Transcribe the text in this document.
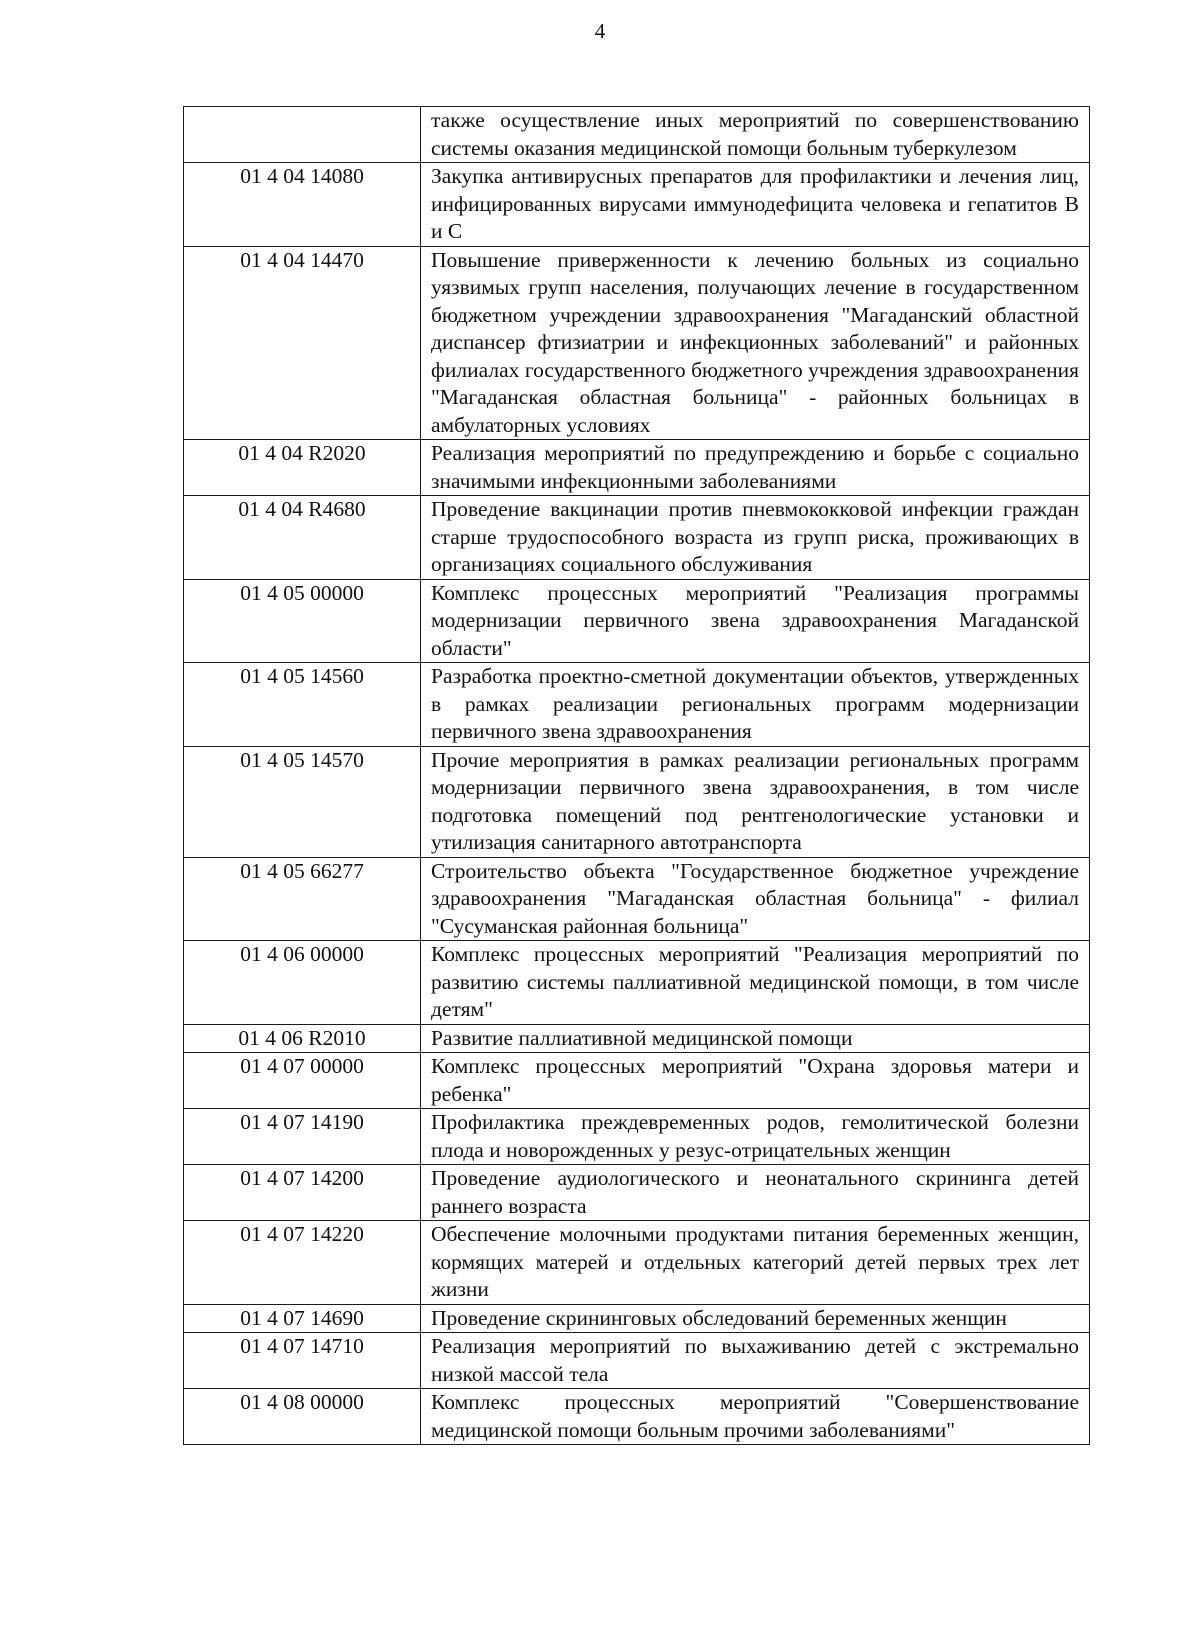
4
	также осуществление иных мероприятий по совершенствованию системы оказания медицинской помощи больным туберкулезом
01 4 04 14080	Закупка антивирусных препаратов для профилактики и лечения лиц, инфицированных вирусами иммунодефицита человека и гепатитов В и С
01 4 04 14470	Повышение приверженности к лечению больных из социально уязвимых групп населения, получающих лечение в государственном бюджетном учреждении здравоохранения "Магаданский областной диспансер фтизиатрии и инфекционных заболеваний" и районных филиалах государственного бюджетного учреждения здравоохранения "Магаданская областная больница" - районных больницах в амбулаторных условиях
01 4 04 R2020	Реализация мероприятий по предупреждению и борьбе с социально значимыми инфекционными заболеваниями
01 4 04 R4680	Проведение вакцинации против пневмококковой инфекции граждан старше трудоспособного возраста из групп риска, проживающих в организациях социального обслуживания
01 4 05 00000	Комплекс процессных мероприятий "Реализация программы модернизации первичного звена здравоохранения Магаданской области"
01 4 05 14560	Разработка проектно-сметной документации объектов, утвержденных в рамках реализации региональных программ модернизации первичного звена здравоохранения
01 4 05 14570	Прочие мероприятия в рамках реализации региональных программ модернизации первичного звена здравоохранения, в том числе подготовка помещений под рентгенологические установки и утилизация санитарного автотранспорта
01 4 05 66277	Строительство объекта "Государственное бюджетное учреждение здравоохранения "Магаданская областная больница" - филиал "Сусуманская районная больница"
01 4 06 00000	Комплекс процессных мероприятий "Реализация мероприятий по развитию системы паллиативной медицинской помощи, в том числе детям"
01 4 06 R2010	Развитие паллиативной медицинской помощи
01 4 07 00000	Комплекс процессных мероприятий "Охрана здоровья матери и ребенка"
01 4 07 14190	Профилактика преждевременных родов, гемолитической болезни плода и новорожденных у резус-отрицательных женщин
01 4 07 14200	Проведение аудиологического и неонатального скрининга детей раннего возраста
01 4 07 14220	Обеспечение молочными продуктами питания беременных женщин, кормящих матерей и отдельных категорий детей первых трех лет жизни
01 4 07 14690	Проведение скрининговых обследований беременных женщин
01 4 07 14710	Реализация мероприятий по выхаживанию детей с экстремально низкой массой тела
01 4 08 00000	Комплекс процессных мероприятий "Совершенствование медицинской помощи больным прочими заболеваниями"
